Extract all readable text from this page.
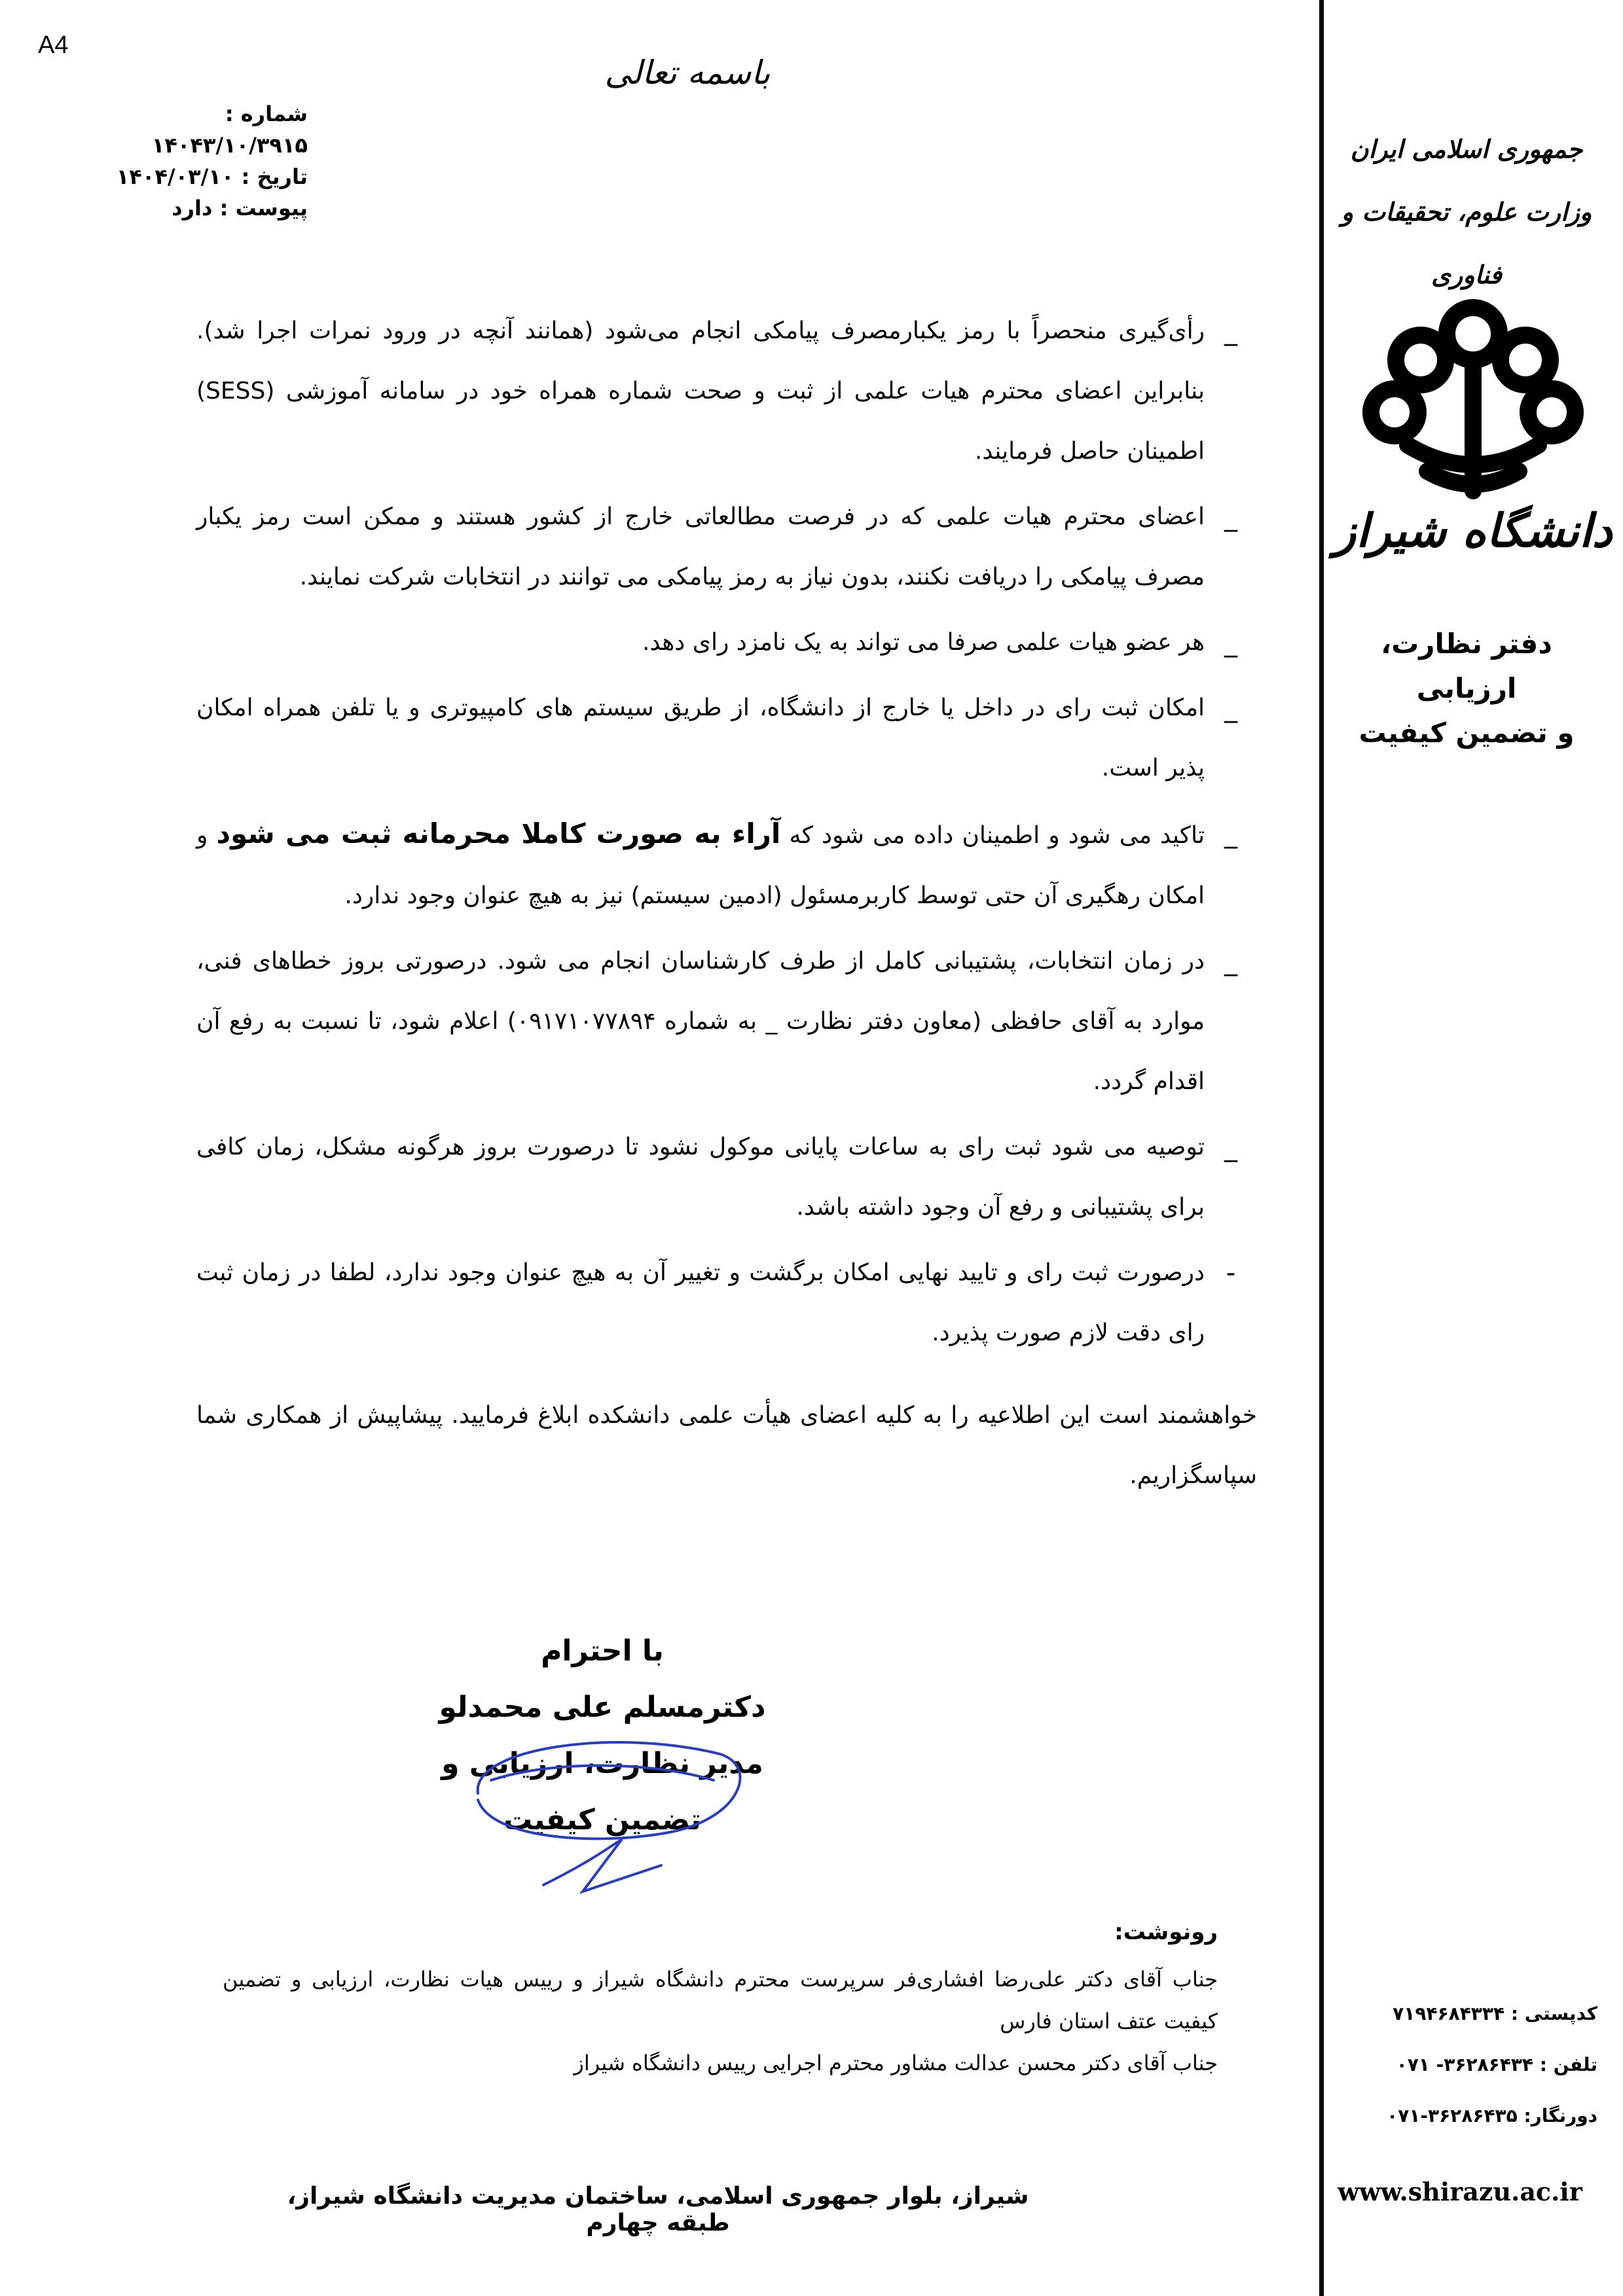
A4
باسمه تعالی
شماره :
۱۴۰۴۳/۱۰/۳۹۱۵
تاریخ : ۱۴۰۴/۰۳/۱۰
پیوست : دارد
جمهوری اسلامی ایران
وزارت علوم، تحقیقات و فناوری
دانشگاه شیراز
دفتر نظارت، ارزیابی
و تضمین کیفیت
کدپستی :

۷۱۹۴۶۸۴۳۳۴
تلفن :

۳۶۲۸۶۴۳۴- ۰۷۱
دورنگار:

۰۷۱-۳۶۲۸۶۴۳۵
www.shirazu.ac.ir
_
رأی‌گیری منحصراً با رمز یکبارمصرف پیامکی انجام می‌شود (همانند آنچه در ورود نمرات اجرا شد). بنابراین اعضای محترم هیات علمی از ثبت و صحت شماره همراه خود در سامانه آموزشی (SESS) اطمینان حاصل فرمایند.
_
اعضای محترم هیات علمی که در فرصت مطالعاتی خارج از کشور هستند و ممکن است رمز یکبار مصرف پیامکی را دریافت نکنند، بدون نیاز به رمز پیامکی می توانند در انتخابات شرکت نمایند.
_
هر عضو هیات علمی صرفا می تواند به یک نامزد رای دهد.
_
امکان ثبت رای در داخل یا خارج از دانشگاه، از طریق سیستم های کامپیوتری و یا تلفن همراه امکان پذیر است.
_
تاکید می شود و اطمینان داده می شود که آراء به صورت کاملا محرمانه ثبت می شود و امکان رهگیری آن حتی توسط کاربرمسئول (ادمین سیستم) نیز به هیچ عنوان وجود ندارد.
_
در زمان انتخابات، پشتیبانی کامل از طرف کارشناسان انجام می شود. درصورتی بروز خطاهای فنی، موارد به آقای حافظی (معاون دفتر نظارت _ به شماره ۰۹۱۷۱۰۷۷۸۹۴) اعلام شود، تا نسبت به رفع آن اقدام گردد.
_
توصیه می شود ثبت رای به ساعات پایانی موکول نشود تا درصورت بروز هرگونه مشکل، زمان کافی برای پشتیبانی و رفع آن وجود داشته باشد.
-
درصورت ثبت رای و تایید نهایی امکان برگشت و تغییر آن به هیچ عنوان وجود ندارد، لطفا در زمان ثبت رای دقت لازم صورت پذیرد.
خواهشمند است این اطلاعیه را به کلیه اعضای هیأت علمی دانشکده ابلاغ فرمایید. پیشاپیش از همکاری شما سپاسگزاریم.
با احترام
دکترمسلم علی محمدلو
مدیر نظارت، ارزیابی و
تضمین کیفیت
رونوشت:
جناب آقای دکتر علی‌رضا افشاری‌فر سرپرست محترم دانشگاه شیراز و رییس هیات نظارت، ارزیابی و تضمین کیفیت عتف استان فارس
جناب آقای دکتر محسن عدالت مشاور محترم اجرایی رییس دانشگاه شیراز
شیراز، بلوار جمهوری اسلامی، ساختمان مدیریت دانشگاه شیراز، طبقه چهارم
